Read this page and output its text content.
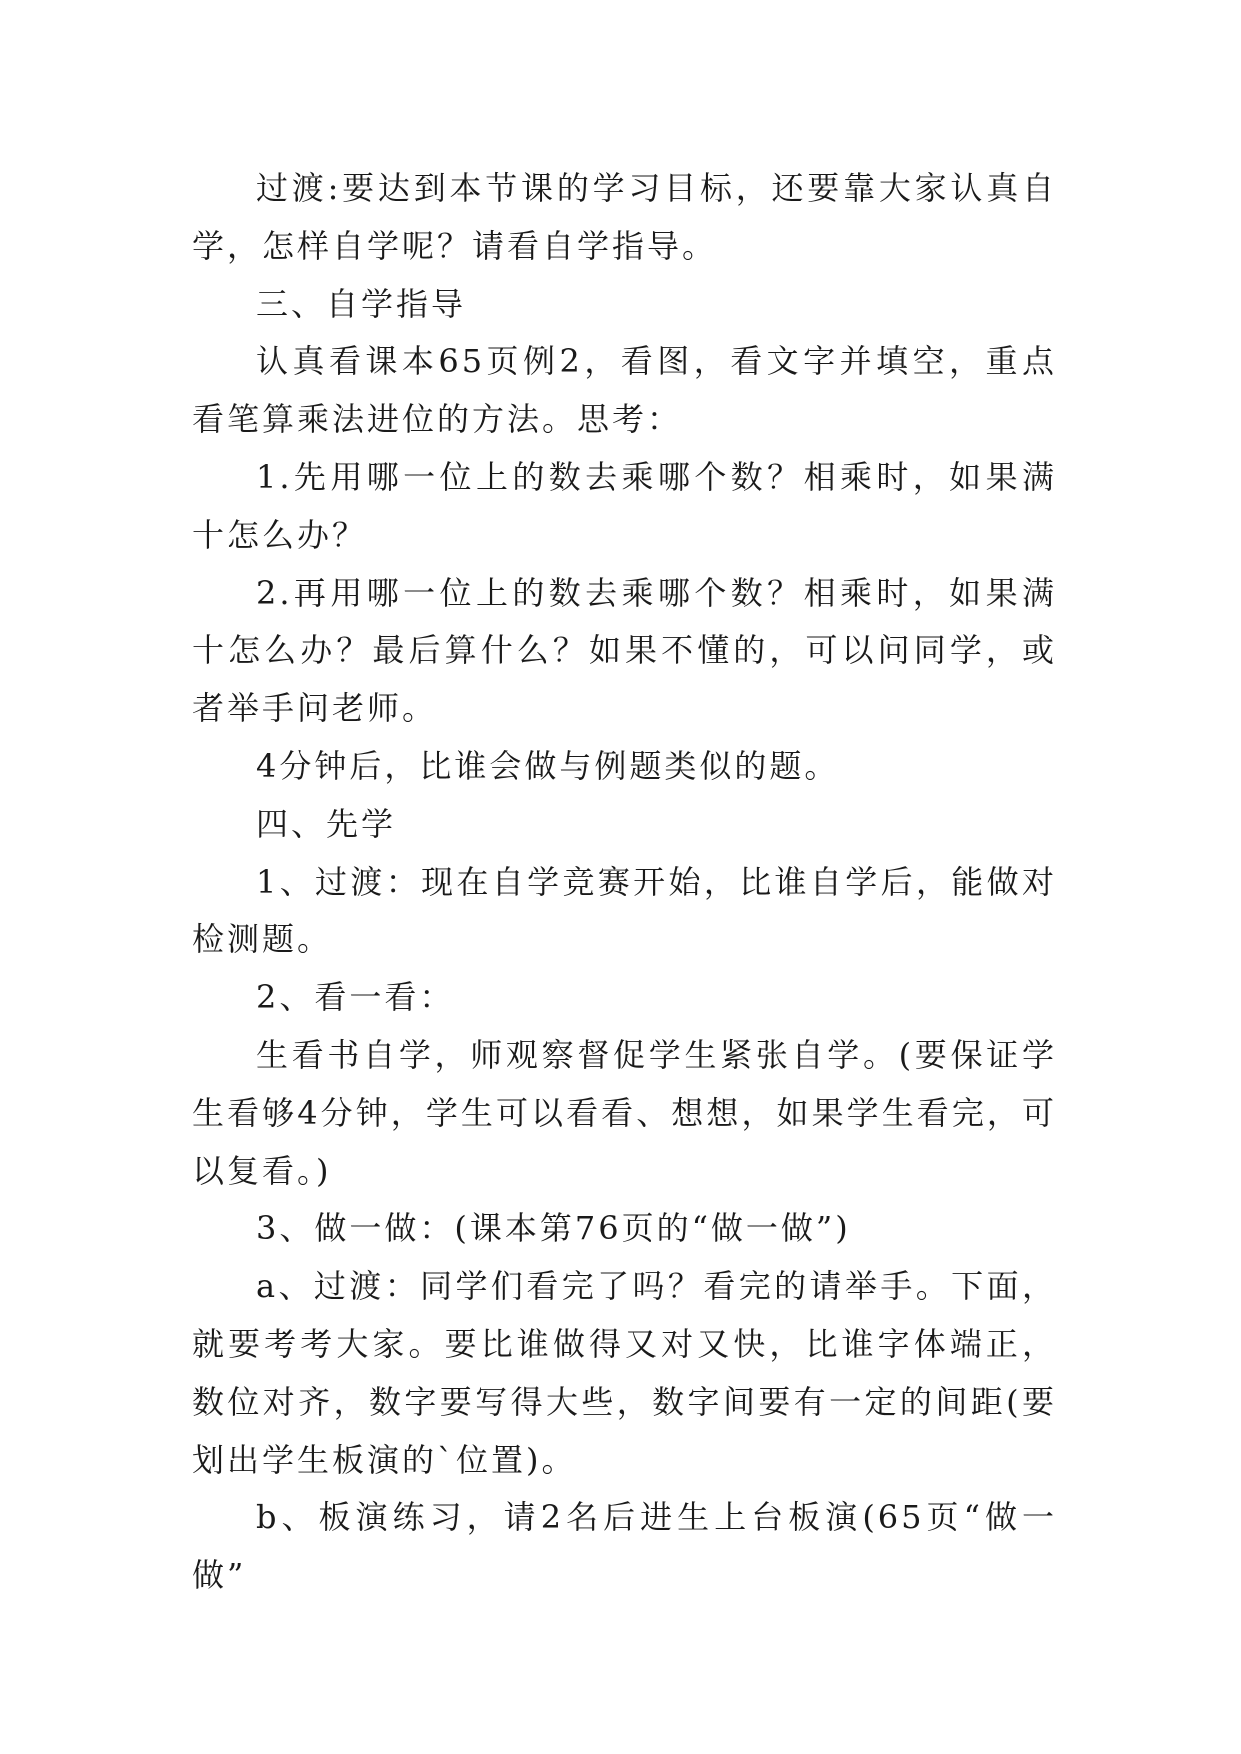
过渡:要达到本节课的学习目标，还要靠大家认真自学，怎样自学呢？请看自学指导。

三、自学指导

认真看课本65页例2，看图，看文字并填空，重点看笔算乘法进位的方法。思考：

1.先用哪一位上的数去乘哪个数？相乘时，如果满十怎么办？

2.再用哪一位上的数去乘哪个数？相乘时，如果满十怎么办？最后算什么？如果不懂的，可以问同学，或者举手问老师。

4分钟后，比谁会做与例题类似的题。

四、先学

1、过渡：现在自学竞赛开始，比谁自学后，能做对检测题。

2、看一看：

生看书自学，师观察督促学生紧张自学。(要保证学生看够4分钟，学生可以看看、想想，如果学生看完，可以复看。)

3、做一做：(课本第76页的“做一做”)

a、过渡：同学们看完了吗？看完的请举手。下面，就要考考大家。要比谁做得又对又快，比谁字体端正，数位对齐，数字要写得大些，数字间要有一定的间距(要划出学生板演的`位置)。

b、板演练习，请2名后进生上台板演(65页“做一做”
